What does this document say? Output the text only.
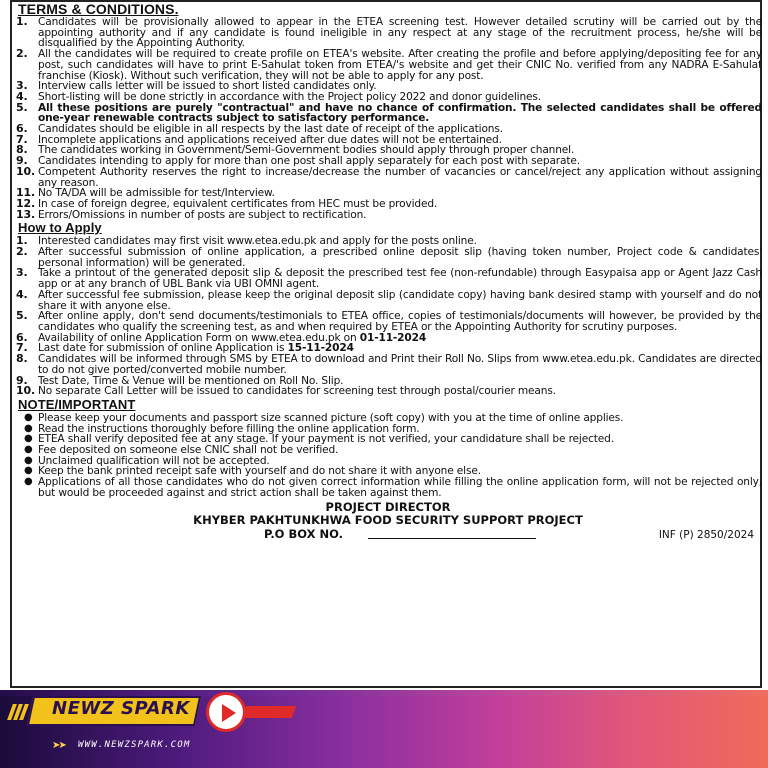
TERMS & CONDITIONS.
1. Candidates will be provisionally allowed to appear in the ETEA screening test. However detailed scrutiny will be carried out by the appointing authority and if any candidate is found ineligible in any respect at any stage of the recruitment process, he/she will be disqualified by the Appointing Authority.
2. All the candidates will be required to create profile on ETEA's website. After creating the profile and before applying/depositing fee for any post, such candidates will have to print E-Sahulat token from ETEA/'s website and get their CNIC No. verified from any NADRA E-Sahulat franchise (Kiosk). Without such verification, they will not be able to apply for any post.
3. Interview calls letter will be issued to short listed candidates only.
4. Short-listing will be done strictly in accordance with the Project policy 2022 and donor guidelines.
5. All these positions are purely "contractual" and have no chance of confirmation. The selected candidates shall be offered one-year renewable contracts subject to satisfactory performance.
6. Candidates should be eligible in all respects by the last date of receipt of the applications.
7. Incomplete applications and applications received after due dates will not be entertained.
8. The candidates working in Government/Semi-Government bodies should apply through proper channel.
9. Candidates intending to apply for more than one post shall apply separately for each post with separate.
10. Competent Authority reserves the right to increase/decrease the number of vacancies or cancel/reject any application without assigning any reason.
11. No TA/DA will be admissible for test/Interview.
12. In case of foreign degree, equivalent certificates from HEC must be provided.
13. Errors/Omissions in number of posts are subject to rectification.
How to Apply
1. Interested candidates may first visit www.etea.edu.pk and apply for the posts online.
2. After successful submission of online application, a prescribed online deposit slip (having token number, Project code & candidates' personal information) will be generated.
3. Take a printout of the generated deposit slip & deposit the prescribed test fee (non-refundable) through Easypaisa app or Agent Jazz Cash app or at any branch of UBL Bank via UBI OMNI agent.
4. After successful fee submission, please keep the original deposit slip (candidate copy) having bank desired stamp with yourself and do not share it with anyone else.
5. After online apply, don't send documents/testimonials to ETEA office, copies of testimonials/documents will however, be provided by the candidates who qualify the screening test, as and when required by ETEA or the Appointing Authority for scrutiny purposes.
6. Availability of online Application Form on www.etea.edu.pk on 01-11-2024
7. Last date for submission of online Application is 15-11-2024
8. Candidates will be informed through SMS by ETEA to download and Print their Roll No. Slips from www.etea.edu.pk. Candidates are directed to do not give ported/converted mobile number.
9. Test Date, Time & Venue will be mentioned on Roll No. Slip.
10. No separate Call Letter will be issued to candidates for screening test through postal/courier means.
NOTE/IMPORTANT
● Please keep your documents and passport size scanned picture (soft copy) with you at the time of online applies.
● Read the instructions thoroughly before filling the online application form.
● ETEA shall verify deposited fee at any stage. If your payment is not verified, your candidature shall be rejected.
● Fee deposited on someone else CNIC shall not be verified.
● Unclaimed qualification will not be accepted.
● Keep the bank printed receipt safe with yourself and do not share it with anyone else.
● Applications of all those candidates who do not given correct information while filling the online application form, will not be rejected only, but would be proceeded against and strict action shall be taken against them.
PROJECT DIRECTOR
KHYBER PAKHTUNKHWA FOOD SECURITY SUPPORT PROJECT
P.O BOX NO.	INF (P) 2850/2024
NEWZ SPARK
➤➤ WWW.NEWZSPARK.COM
